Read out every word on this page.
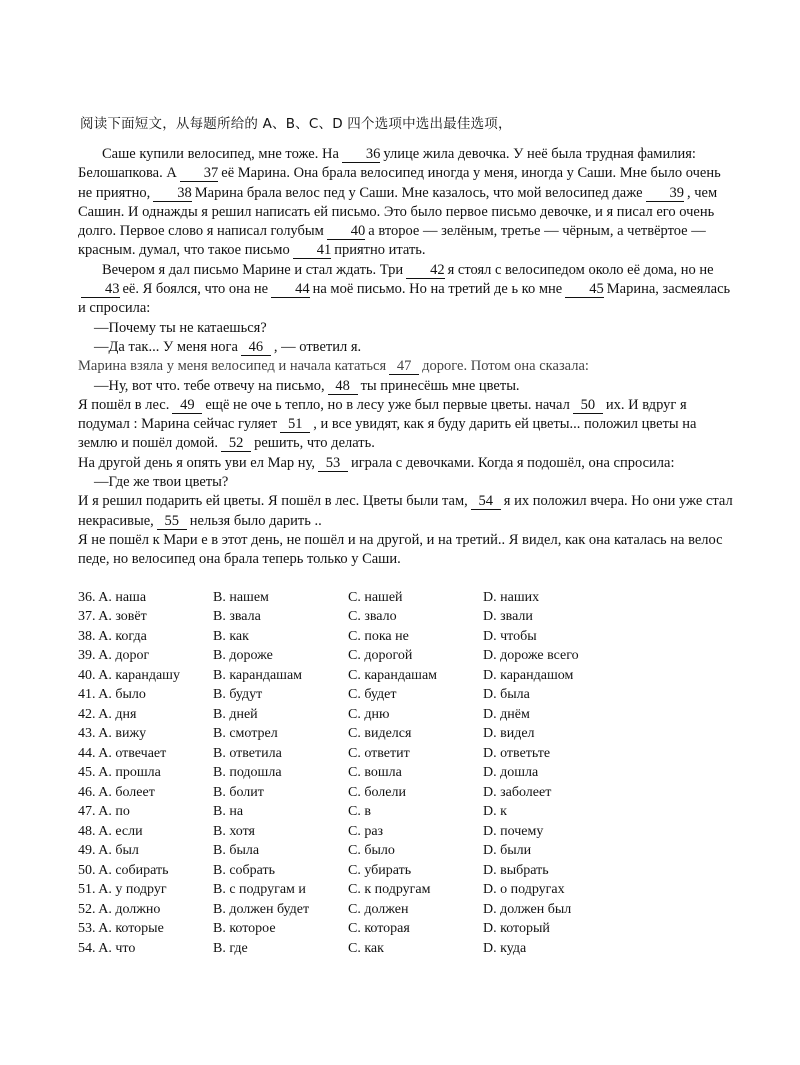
阅读下面短文，从每题所给的 A、B、C、D 四个选项中选出最佳选项，

Саше купили велосипед, мне тоже. На 36 улице жила девочка. У неё была трудная фамилия: Белошапкова. А 37 её Марина. Она брала велосипед иногда у меня, иногда у Саши. Мне было очень не приятно, 38 Марина брала велос пед у Саши. Мне казалось, что мой велосипед даже 39 , чем Сашин. И однажды я решил написать ей письмо. Это было первое письмо девочке, и я писал его очень долго. Первое слово я написал голубым 40 а второе — зелёным, третье — чёрным, а четвёртое — красным. думал, что такое письмо 41 приятно итать.

Вечером я дал письмо Марине и стал ждать. Три 42 я стоял с велосипедом около её дома, но не43 её. Я боялся, что она не 44 на моё письмо. Но на третий де ь ко мне 45 Марина, засмеялась и спросила:

—Почему ты не катаешься?

—Да так... У меня нога 46 , — ответил я.

Марина взяла у меня велосипед и начала кататься 47 дороге. Потом она сказала:

—Ну, вот что. тебе отвечу на письмо, 48 ты принесёшь мне цветы.

Я пошёл в лес. 49 ещё не оче ь тепло, но в лесу уже был первые цветы. начал 50 их. И вдруг я подумал : Марина сейчас гуляет 51 , и все увидят, как я буду дарить ей цветы... положил цветы на землю и пошёл домой. 52 решить, что делать.

На другой день я опять уви ел Мар ну, 53 играла с девочками. Когда я подошёл, она спросила:

—Где же твои цветы?

И я решил подарить ей цветы. Я пошёл в лес. Цветы были там, 54 я их положил вчера. Но они уже стал некрасивые, 55 нельзя было дарить ..

Я не пошёл к Мари е в этот день, не пошёл и на другой, и на третий.. Я видел, как она каталась на велос педе, но велосипед она брала теперь только у Саши.

36. A. наша	B. нашем	C. нашей	D. наших
37. A. зовёт	B. звала	C. звало	D. звали
38. A. когда	B. как	C. пока не	D. чтобы
39. A. дорог	B. дороже	C. дорогой	D. дороже всего
40. A. карандашу	B. карандашам	C. карандашам	D. карандашом
41. A. было	B. будут	C. будет	D. была
42. A. дня	B. дней	C. дню	D. днём
43. A. вижу	B. смотрел	C. виделся	D. видел
44. A. отвечает	B. ответила	C. ответит	D. ответьте
45. A. прошла	B. подошла	C. вошла	D. дошла
46. A. болеет	B. болит	C. болели	D. заболеет
47. A. по	B. на	C. в	D. к
48. A. если	B. хотя	C. раз	D. почему
49. A. был	B. была	C. было	D. были
50. A. собирать	B. собрать	C. убирать	D. выбрать
51. A. у подруг	B. с подругам и	C. к подругам	D. о подругах
52. A. должно	B. должен будет	C. должен	D. должен был
53. A. которые	B. которое	C. которая	D. который
54. A. что	B. где	C. как	D. куда
